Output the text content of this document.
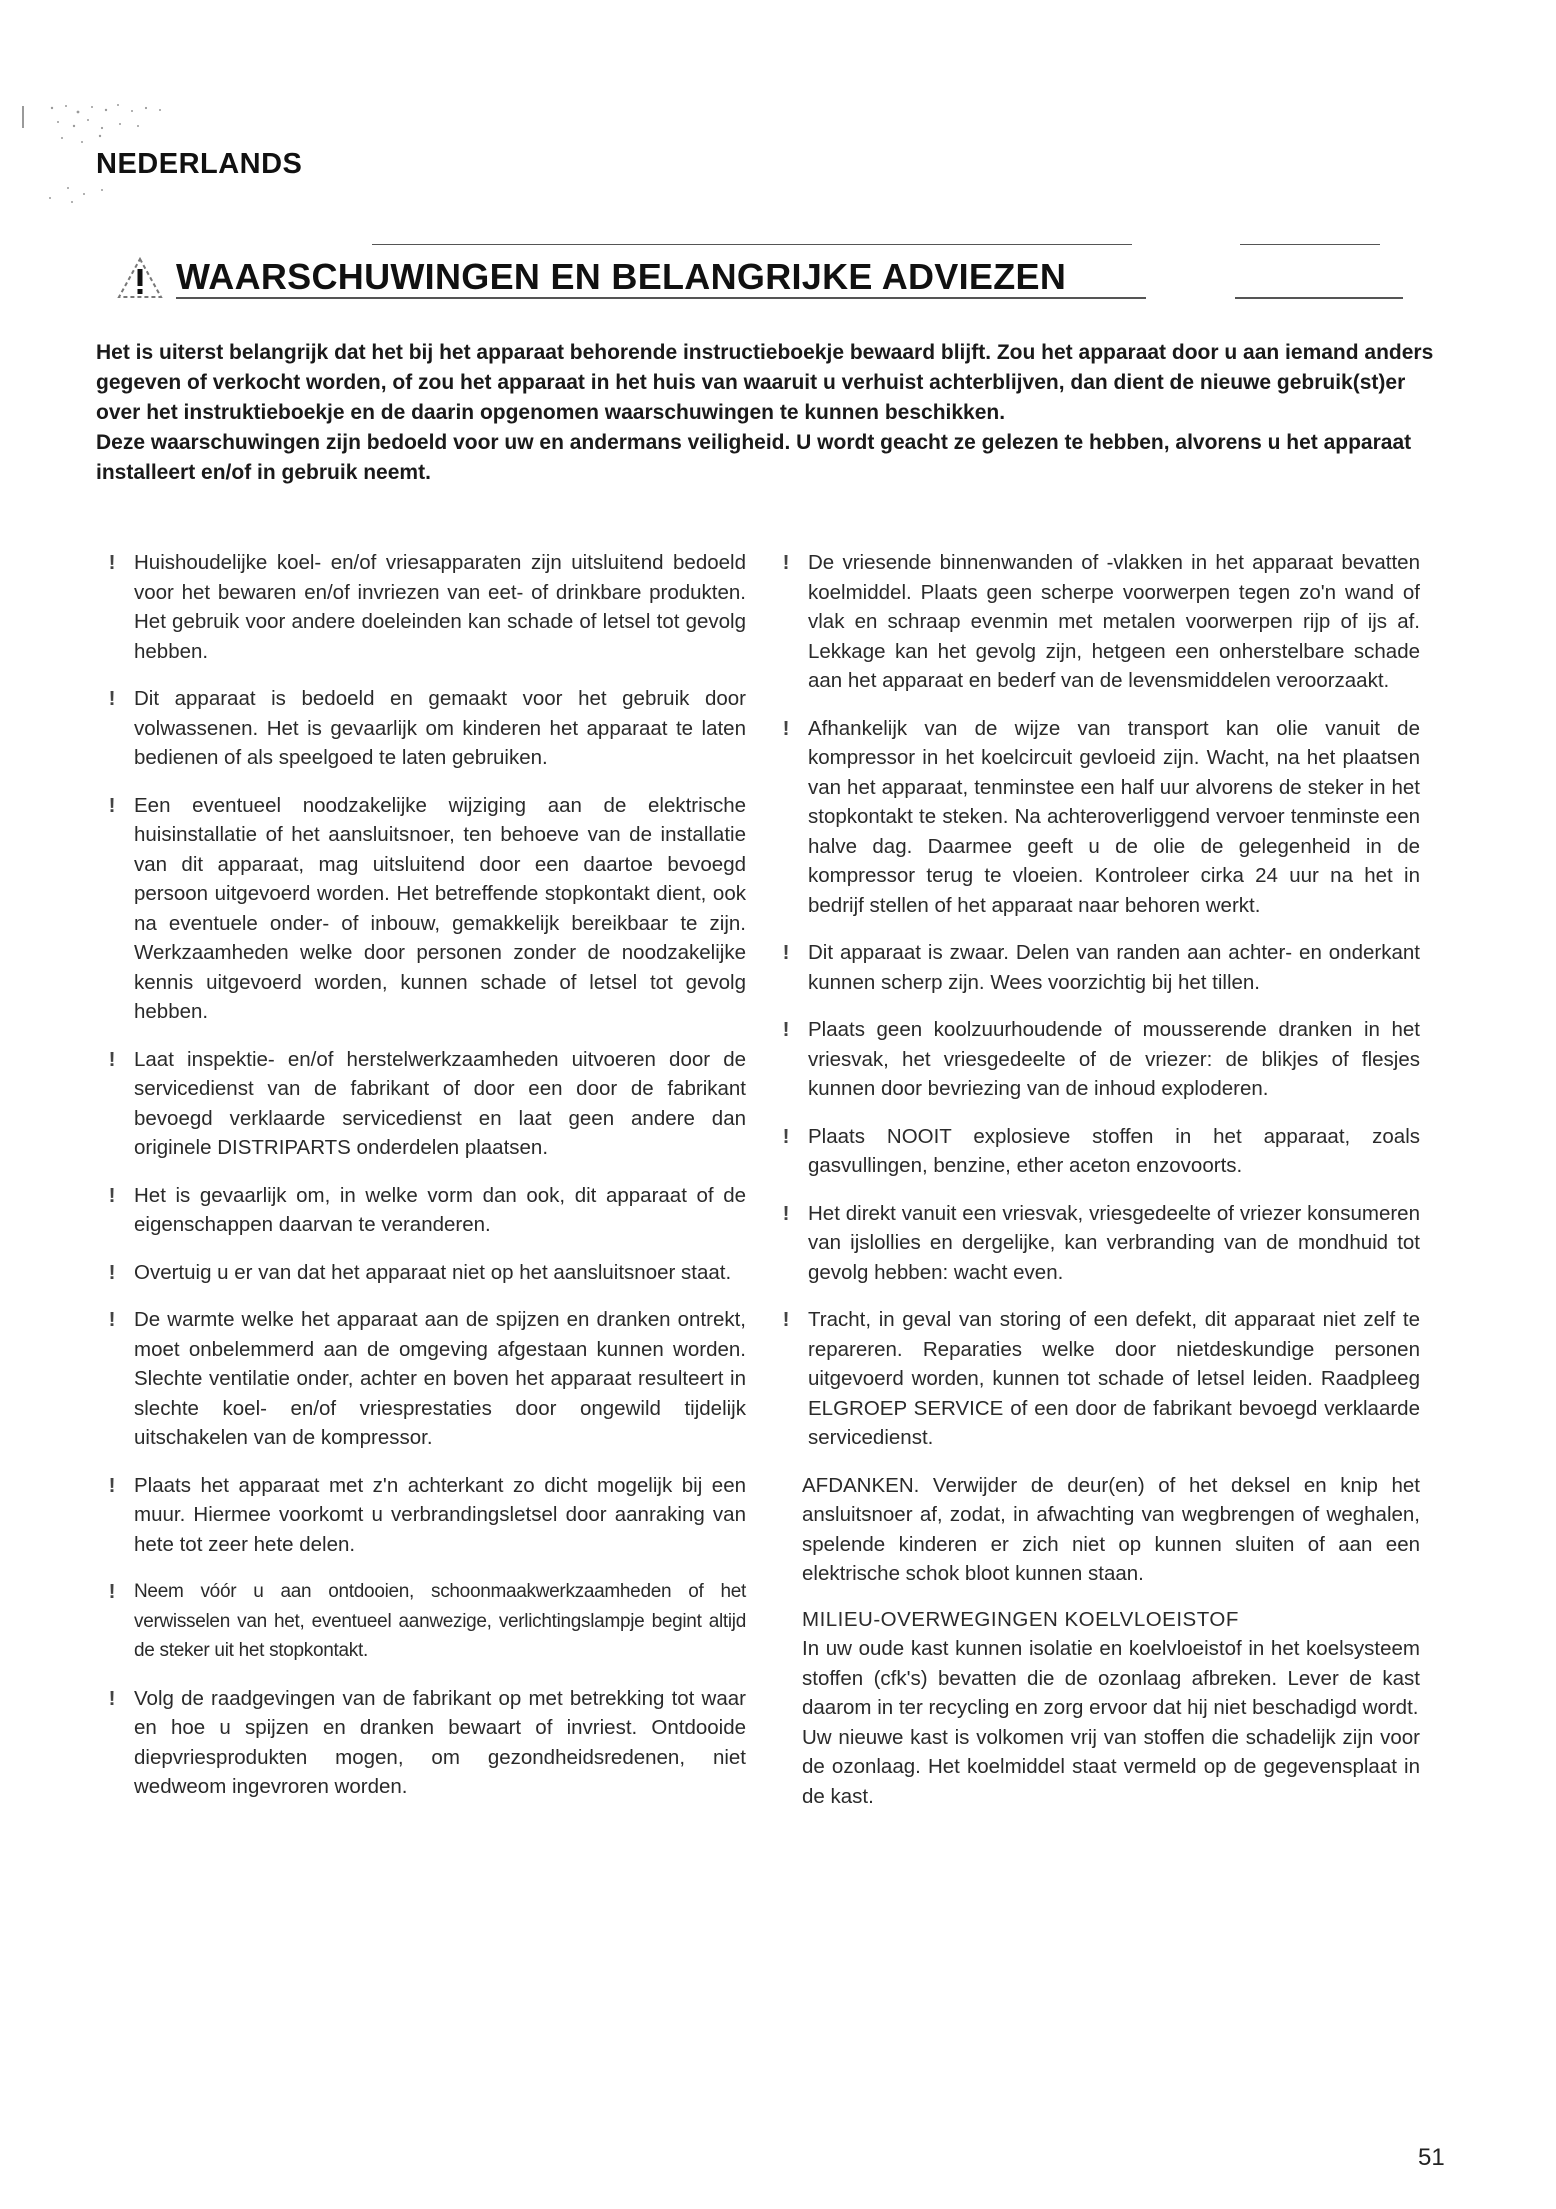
NEDERLANDS
WAARSCHUWINGEN EN BELANGRIJKE ADVIEZEN

Het is uiterst belangrijk dat het bij het apparaat behorende instructieboekje bewaard blijft. Zou het apparaat door u aan iemand anders gegeven of verkocht worden, of zou het apparaat in het huis van waaruit u verhuist achterblijven, dan dient de nieuwe gebruik(st)er over het instruktieboekje en de daarin opgenomen waarschuwingen te kunnen beschikken.

Deze waarschuwingen zijn bedoeld voor uw en andermans veiligheid. U wordt geacht ze gelezen te hebben, alvorens u het apparaat installeert en/of in gebruik neemt.

! Huishoudelijke koel- en/of vriesapparaten zijn uitsluitend bedoeld voor het bewaren en/of invriezen van eet- of drinkbare produkten. Het gebruik voor andere doeleinden kan schade of letsel tot gevolg hebben.
! Dit apparaat is bedoeld en gemaakt voor het gebruik door volwassenen. Het is gevaarlijk om kinderen het apparaat te laten bedienen of als speelgoed te laten gebruiken.
! Een eventueel noodzakelijke wijziging aan de elektrische huisinstallatie of het aansluitsnoer, ten behoeve van de installatie van dit apparaat, mag uitsluitend door een daartoe bevoegd persoon uitgevoerd worden. Het betreffende stopkontakt dient, ook na eventuele onder- of inbouw, gemakkelijk bereikbaar te zijn. Werkzaamheden welke door personen zonder de noodzakelijke kennis uitgevoerd worden, kunnen schade of letsel tot gevolg hebben.
! Laat inspektie- en/of herstelwerkzaamheden uitvoeren door de servicedienst van de fabrikant of door een door de fabrikant bevoegd verklaarde servicedienst en laat geen andere dan originele DISTRIPARTS onderdelen plaatsen.
! Het is gevaarlijk om, in welke vorm dan ook, dit apparaat of de eigenschappen daarvan te veranderen.
! Overtuig u er van dat het apparaat niet op het aansluitsnoer staat.
! De warmte welke het apparaat aan de spijzen en dranken ontrekt, moet onbelemmerd aan de omgeving afgestaan kunnen worden. Slechte ventilatie onder, achter en boven het apparaat resulteert in slechte koel- en/of vriesprestaties door ongewild tijdelijk uitschakelen van de kompressor.
! Plaats het apparaat met z'n achterkant zo dicht mogelijk bij een muur. Hiermee voorkomt u verbrandingsletsel door aanraking van hete tot zeer hete delen.
! Neem vóór u aan ontdooien, schoonmaakwerkzaamheden of het verwisselen van het, eventueel aanwezige, verlichtingslampje begint altijd de steker uit het stopkontakt.
! Volg de raadgevingen van de fabrikant op met betrekking tot waar en hoe u spijzen en dranken bewaart of invriest. Ontdooide diepvriesprodukten mogen, om gezondheidsredenen, niet wedweom ingevroren worden.
! De vriesende binnenwanden of -vlakken in het apparaat bevatten koelmiddel. Plaats geen scherpe voorwerpen tegen zo'n wand of vlak en schraap evenmin met metalen voorwerpen rijp of ijs af. Lekkage kan het gevolg zijn, hetgeen een onherstelbare schade aan het apparaat en bederf van de levensmiddelen veroorzaakt.
! Afhankelijk van de wijze van transport kan olie vanuit de kompressor in het koelcircuit gevloeid zijn. Wacht, na het plaatsen van het apparaat, tenminstee een half uur alvorens de steker in het stopkontakt te steken. Na achteroverliggend vervoer tenminste een halve dag. Daarmee geeft u de olie de gelegenheid in de kompressor terug te vloeien. Kontroleer cirka 24 uur na het in bedrijf stellen of het apparaat naar behoren werkt.
! Dit apparaat is zwaar. Delen van randen aan achter- en onderkant kunnen scherp zijn. Wees voorzichtig bij het tillen.
! Plaats geen koolzuurhoudende of mousserende dranken in het vriesvak, het vriesgedeelte of de vriezer: de blikjes of flesjes kunnen door bevriezing van de inhoud exploderen.
! Plaats NOOIT explosieve stoffen in het apparaat, zoals gasvullingen, benzine, ether aceton enzovoorts.
! Het direkt vanuit een vriesvak, vriesgedeelte of vriezer konsumeren van ijslollies en dergelijke, kan verbranding van de mondhuid tot gevolg hebben: wacht even.
! Tracht, in geval van storing of een defekt, dit apparaat niet zelf te repareren. Reparaties welke door nietdeskundige personen uitgevoerd worden, kunnen tot schade of letsel leiden. Raadpleeg ELGROEP SERVICE of een door de fabrikant bevoegd verklaarde servicedienst.
AFDANKEN. Verwijder de deur(en) of het deksel en knip het ansluitsnoer af, zodat, in afwachting van wegbrengen of weghalen, spelende kinderen er zich niet op kunnen sluiten of aan een elektrische schok bloot kunnen staan.
MILIEU-OVERWEGINGEN KOELVLOEISTOF
In uw oude kast kunnen isolatie en koelvloeistof in het koelsysteem stoffen (cfk's) bevatten die de ozonlaag afbreken. Lever de kast daarom in ter recycling en zorg ervoor dat hij niet beschadigd wordt.
Uw nieuwe kast is volkomen vrij van stoffen die schadelijk zijn voor de ozonlaag. Het koelmiddel staat vermeld op de gegevensplaat in de kast.
51
